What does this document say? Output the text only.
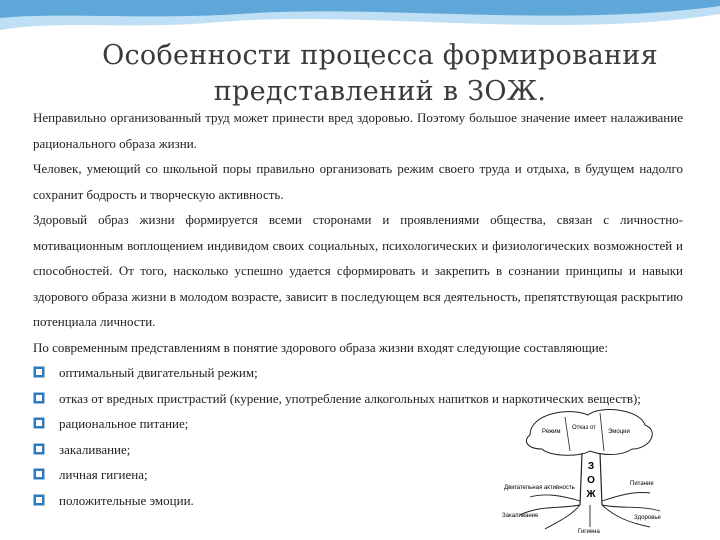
Особенности процесса формирования
представлений в ЗОЖ.

Неправильно организованный труд может принести вред здоровью. Поэтому большое значение имеет налаживание рационального образа жизни.

Человек, умеющий со школьной поры правильно организовать режим своего труда и отдыха, в будущем надолго сохранит бодрость и творческую активность.

Здоровый образ жизни формируется всеми сторонами и проявлениями общества, связан с личностно-мотивационным воплощением индивидом своих социальных, психологических и физиологических возможностей и способностей. От того, насколько успешно удается сформировать и закрепить в сознании принципы и навыки здорового образа жизни в молодом возрасте, зависит в последующем вся деятельность, препятствующая раскрытию потенциала личности.

По современным представлениям в понятие здорового образа жизни входят следующие составляющие:

оптимальный двигательный режим;
отказ от вредных пристрастий (курение, употребление алкогольных напитков и наркотических веществ);
рациональное питание;
закаливание;
личная гигиена;
положительные эмоции.
З
О
Ж
Режим
Отказ от
Эмоции
Двигательная активность
Закаливание
Гигиена
Питание
Здоровье
